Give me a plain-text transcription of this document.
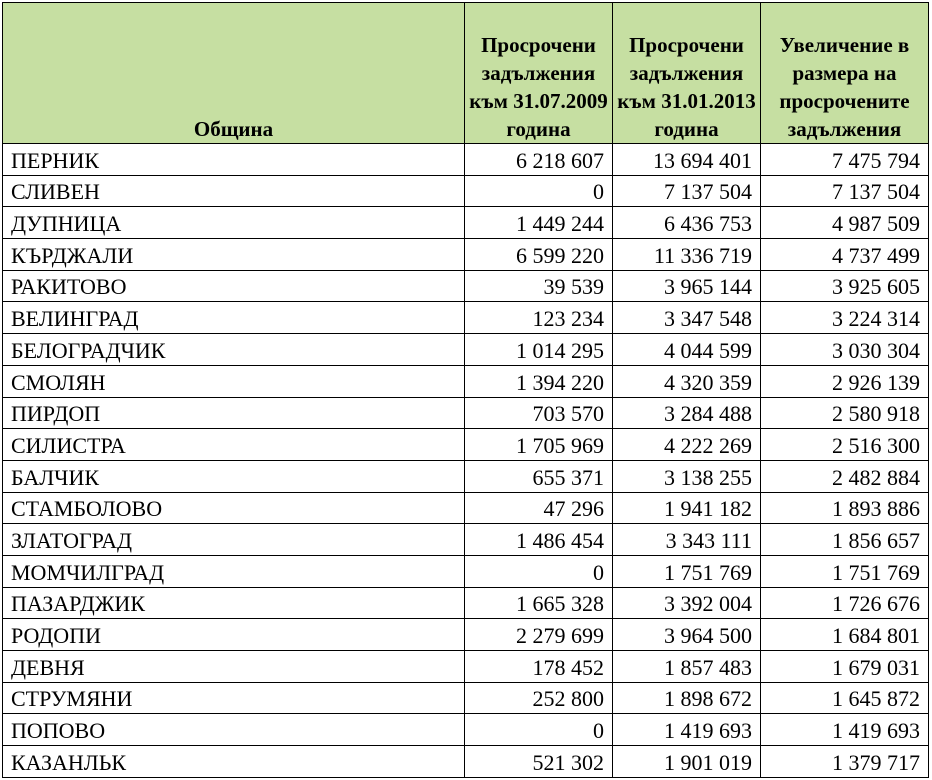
Община	Просрочени задължения към 31.07.2009 година	Просрочени задължения към 31.01.2013 година	Увеличение в размера на просрочените задължения
ПЕРНИК	6 218 607	13 694 401	7 475 794
СЛИВЕН	0	7 137 504	7 137 504
ДУПНИЦА	1 449 244	6 436 753	4 987 509
КЪРДЖАЛИ	6 599 220	11 336 719	4 737 499
РАКИТОВО	39 539	3 965 144	3 925 605
ВЕЛИНГРАД	123 234	3 347 548	3 224 314
БЕЛОГРАДЧИК	1 014 295	4 044 599	3 030 304
СМОЛЯН	1 394 220	4 320 359	2 926 139
ПИРДОП	703 570	3 284 488	2 580 918
СИЛИСТРА	1 705 969	4 222 269	2 516 300
БАЛЧИК	655 371	3 138 255	2 482 884
СТАМБОЛОВО	47 296	1 941 182	1 893 886
ЗЛАТОГРАД	1 486 454	3 343 111	1 856 657
МОМЧИЛГРАД	0	1 751 769	1 751 769
ПАЗАРДЖИК	1 665 328	3 392 004	1 726 676
РОДОПИ	2 279 699	3 964 500	1 684 801
ДЕВНЯ	178 452	1 857 483	1 679 031
СТРУМЯНИ	252 800	1 898 672	1 645 872
ПОПОВО	0	1 419 693	1 419 693
КАЗАНЛЬК	521 302	1 901 019	1 379 717
